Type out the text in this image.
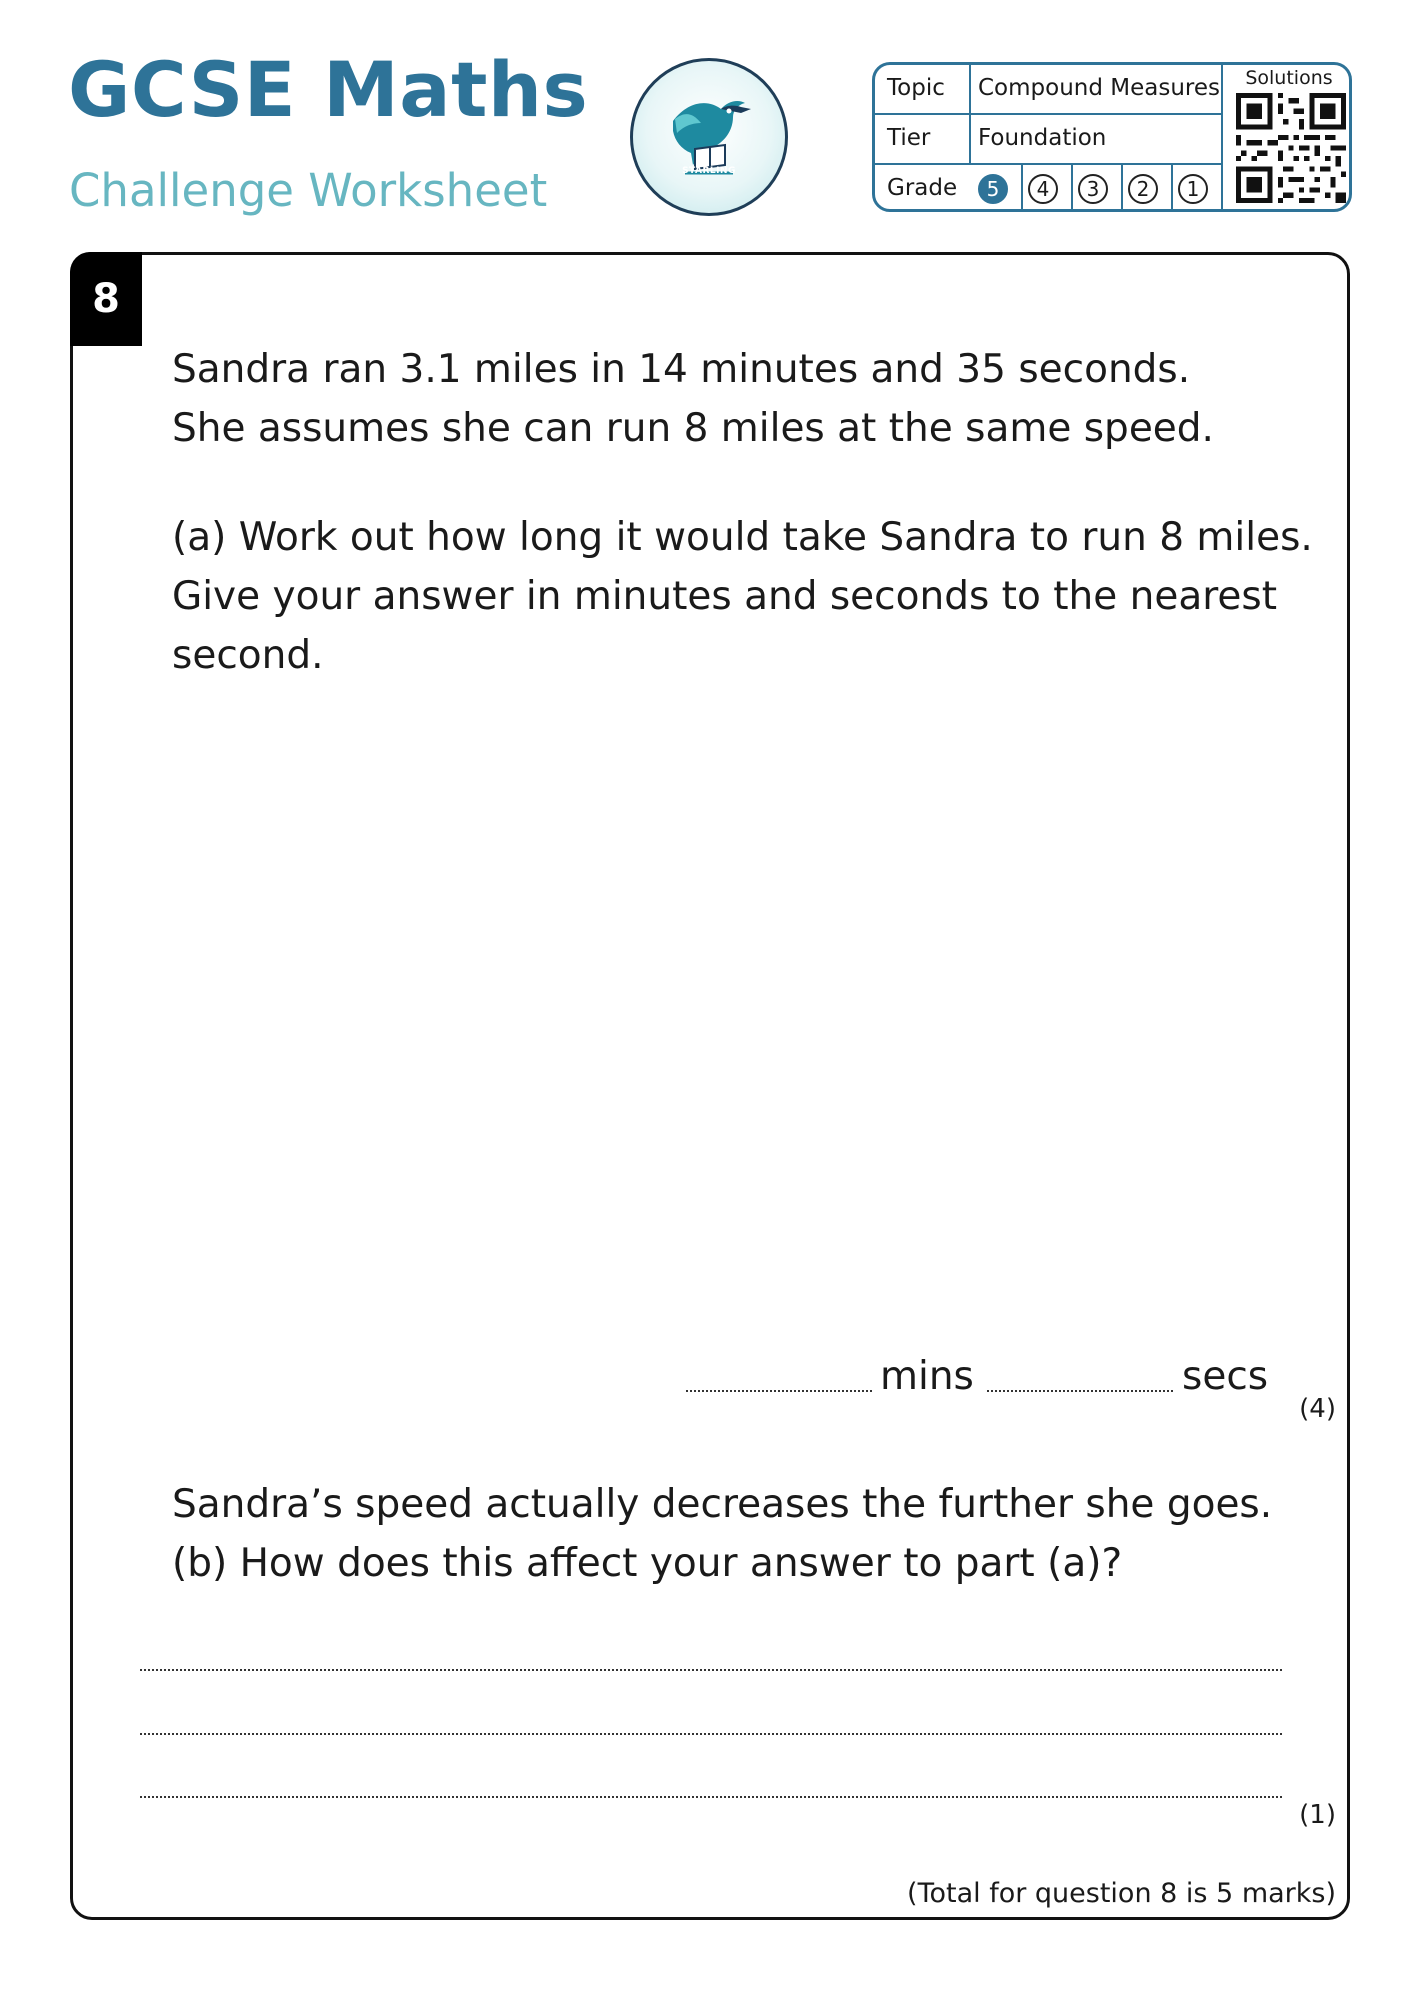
GCSE Maths
Challenge Worksheet	STARLING
Topic Compound Measures
Tier Foundation
Grade	5	4	3	2	1
Solutions
8
Sandra ran 3.1 miles in 14 minutes and 35 seconds.
She assumes she can run 8 miles at the same speed.
(a) Work out how long it would take Sandra to run 8 miles.
Give your answer in minutes and seconds to the nearest
second.
mins	secs
(4)
Sandra’s speed actually decreases the further she goes.
(b) How does this affect your answer to part (a)?
(1)
(Total for question 8 is 5 marks)
